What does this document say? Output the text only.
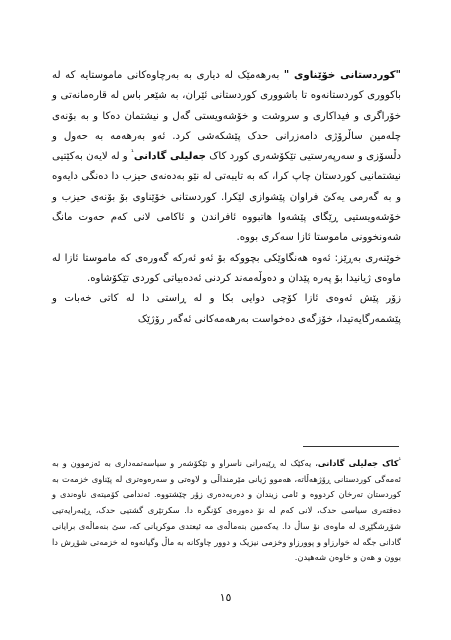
"کوردستانی خۆێناوی " بەرهەمێک لە دیاری بە بەرچاوەکانی ماموستایە کە لە باکووری کوردستانەوە تا باشووری کوردستانی ئێران، بە شێعر باس لە قارەمانەتی و خۆراگری و فیداکاری و سروشت و خۆشەویستی گەل و نیشتمان دەکا و بە بۆنەی چلەمین ساڵرۆژی دامەزرانی حدک پێشکەشی کرد. ئەو بەرهەمە بە حەول و دڵسۆزی و سەرپەرستیی تێکۆشەری کورد کاک جەلیلی گادانی$^{^1}$ و لە لایەن بەکێتیی نیشتمانیی کوردستان چاپ کرا، کە بە تایبەتی لە نێو بەدەنەی حیزب دا دەنگی دایەوە و بە گەرمی یەکێ فراوان پێشوازی لێکرا. کوردستانی خۆێناوی بۆ بۆنەی حیزب و خۆشەویستیی ڕێگای پێشەوا هاتبووە ئافراندن و ئاکامی لانی کەم حەوت مانگ شەونخوونی ماموستا ئازا سەکری بووە.

خوێنەری بەڕێز: ئەوە هەنگاوێکی بچووکە بۆ ئەو ئەرکە گەورەی کە ماموستا ئازا لە ماوەی ژیانیدا بۆ پەرە پێدان و دەوڵەمەند کردنی ئەدەبیاتی کوردی تێکۆشاوە.

زۆر پێش ئەوەی ئازا کۆچی دوایی بکا و لە ڕاستی دا لە کاتی خەبات و پێشمەرگایەتیدا، خۆزگەی دەخواست بەرهەمەکانی ئەگەر رۆژێک

$^{^1}$کاک جەلیلی گادانی، یەکێک لە ڕێبەرانی ناسراو و تێکۆشەر و سیاسەتمەداری بە ئەزموون و بە ئەمەگی کوردستانی ڕۆژهەڵاتە، هەموو ژیانی مێرمنداڵی و لاوەتی و سەرەوەتری لە پێناوی خزمەت بە کوردستان تەرخان کردووە و ئامی زیندان و دەربەدەری زۆر چێشتووە. ئەندامی کۆمیتەی ناوەندی و دەفتەری سیاسی حدک، لانی کەم لە نۆ دەورەی کۆنگرە دا. سکرتێری گشتیی حدک، ڕێبەرایەتیی شۆڕشگێڕی لە ماوەی نۆ ساڵ دا. یەکەمین بنەماڵەی مە ئیعتدی موکریانی کە، سێ بنەماڵەی برایانی گادانی جگە لە خوارزاو و پوورزاو وخزمی نیزیک و دوور چاوکانە بە ماڵ وگیانەوە لە خزمەتی شۆڕش دا بوون و هەن و خاوەن شەهیدن.

١٥
